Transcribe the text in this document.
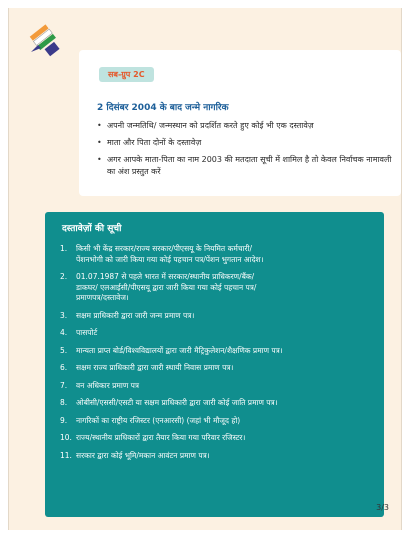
सब-ग्रुप 2C
2 दिसंबर 2004 के बाद जन्मे नागरिक
• अपनी जन्मतिथि/ जन्मस्थान को प्रदर्शित करते हुए कोई भी एक दस्तावेज़
• माता और पिता दोनों के दस्तावेज़
• अगर आपके माता-पिता का नाम 2003 की मतदाता सूची में शामिल है तो केवल निर्वाचक नामावली का अंश प्रस्तुत करें
दस्तावेज़ों की सूची
1.	किसी भी केंद्र सरकार/राज्य सरकार/पीएसयू के नियमित कर्मचारी/
पेंशनभोगी को जारी किया गया कोई पहचान पत्र/पेंशन भुगतान आदेश।
2.	01.07.1987 से पहले भारत में सरकार/स्थानीय प्राधिकरण/बैंक/
डाकघर/ एलआईसी/पीएसयू द्वारा जारी किया गया कोई पहचान पत्र/
प्रमाणपत्र/दस्तावेज।
3.	सक्षम प्राधिकारी द्वारा जारी जन्म प्रमाण पत्र।
4.	पासपोर्ट
5.	मान्यता प्राप्त बोर्ड/विश्वविद्यालयों द्वारा जारी मैट्रिकुलेशन/शैक्षणिक प्रमाण पत्र।
6.	सक्षम राज्य प्राधिकारी द्वारा जारी स्थायी निवास प्रमाण पत्र।
7.	वन अधिकार प्रमाण पत्र
8.	ओबीसी/एससी/एसटी या सक्षम प्राधिकारी द्वारा जारी कोई जाति प्रमाण पत्र।
9.	नागरिकों का राष्ट्रीय रजिस्टर (एनआरसी) (जहां भी मौजूद हो)
10. राज्य/स्थानीय प्राधिकारों द्वारा तैयार किया गया परिवार रजिस्टर।
11. सरकार द्वारा कोई भूमि/मकान आवंटन प्रमाण पत्र।
3/3
